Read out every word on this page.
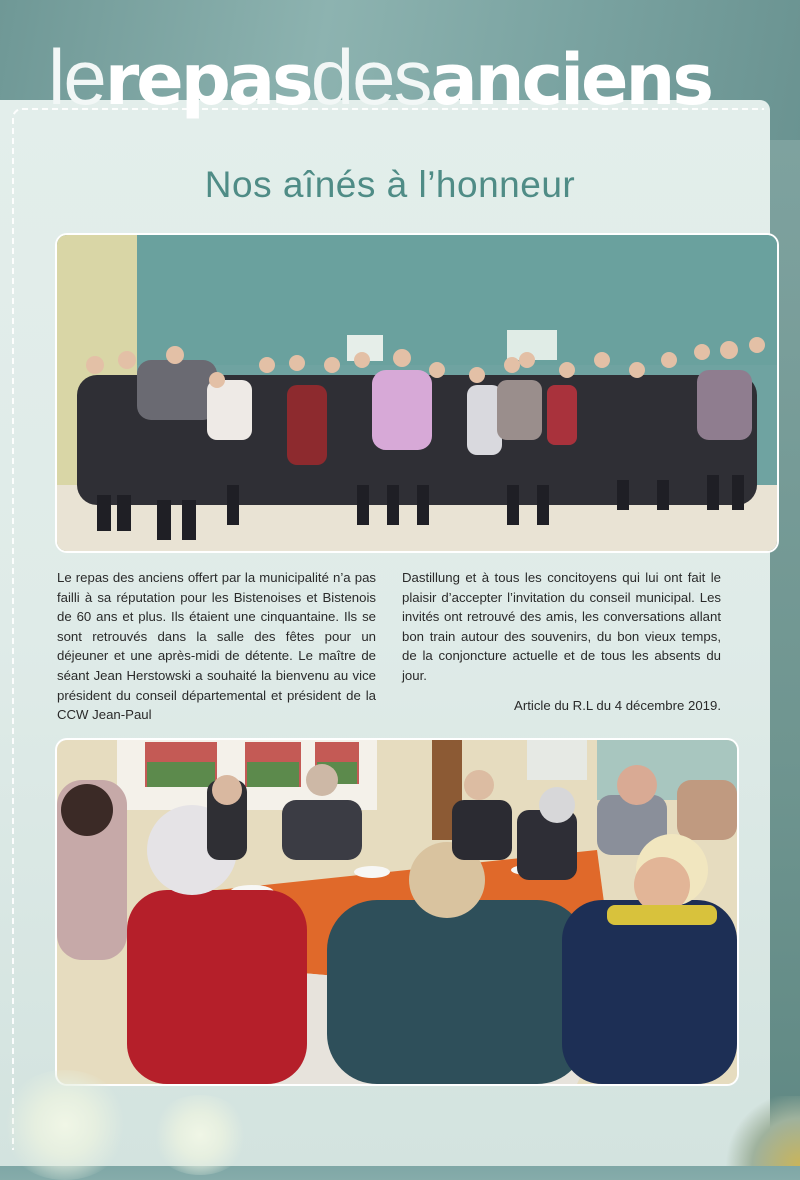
lerepasdesanciens
Nos aînés à l’honneur
Le repas des anciens offert par la municipalité n’a pas failli à sa réputation pour les Bistenoises et Bistenois de 60 ans et plus. Ils étaient une cinquantaine. Ils se sont retrouvés dans la salle des fêtes pour un déjeuner et une après-midi de détente. Le maître de séant Jean Herstowski a souhaité la bienvenu au vice président du conseil départemental et président de la CCW Jean-Paul
Dastillung et à tous les concitoyens qui lui ont fait le plaisir d’accepter l’invitation du conseil municipal. Les invités ont retrouvé des amis, les conversations allant bon train autour des souvenirs, du bon vieux temps, de la conjoncture actuelle et de tous les absents du jour.
Article du R.L du 4 décembre 2019.
